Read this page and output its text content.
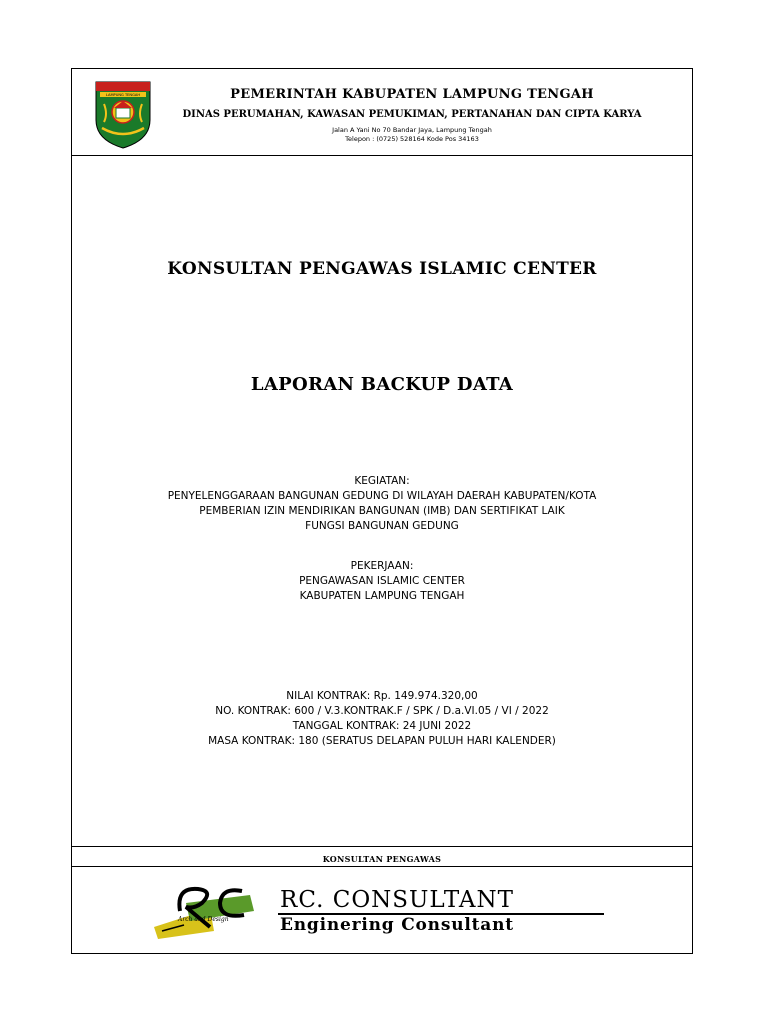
LAMPUNG TENGAH	PEMERINTAH KABUPATEN LAMPUNG TENGAH
DINAS PERUMAHAN, KAWASAN PEMUKIMAN, PERTANAHAN DAN CIPTA KARYA
Jalan A Yani No 70 Bandar Jaya, Lampung Tengah
Telepon : (0725) 528164 Kode Pos 34163
KONSULTAN PENGAWAS ISLAMIC CENTER
LAPORAN BACKUP DATA
KEGIATAN:
PENYELENGGARAAN BANGUNAN GEDUNG DI WILAYAH DAERAH KABUPATEN/KOTA
PEMBERIAN IZIN MENDIRIKAN BANGUNAN (IMB) DAN SERTIFIKAT LAIK
FUNGSI BANGUNAN GEDUNG
PEKERJAAN:
PENGAWASAN ISLAMIC CENTER
KABUPATEN LAMPUNG TENGAH
NILAI KONTRAK: Rp. 149.974.320,00
NO. KONTRAK: 600 / V.3.KONTRAK.F / SPK / D.a.VI.05 / VI / 2022
TANGGAL KONTRAK: 24 JUNI 2022
MASA KONTRAK: 180 (SERATUS DELAPAN PULUH HARI KALENDER)
KONSULTAN PENGAWAS
Arch and Design
RC. CONSULTANT
Enginering Consultant
